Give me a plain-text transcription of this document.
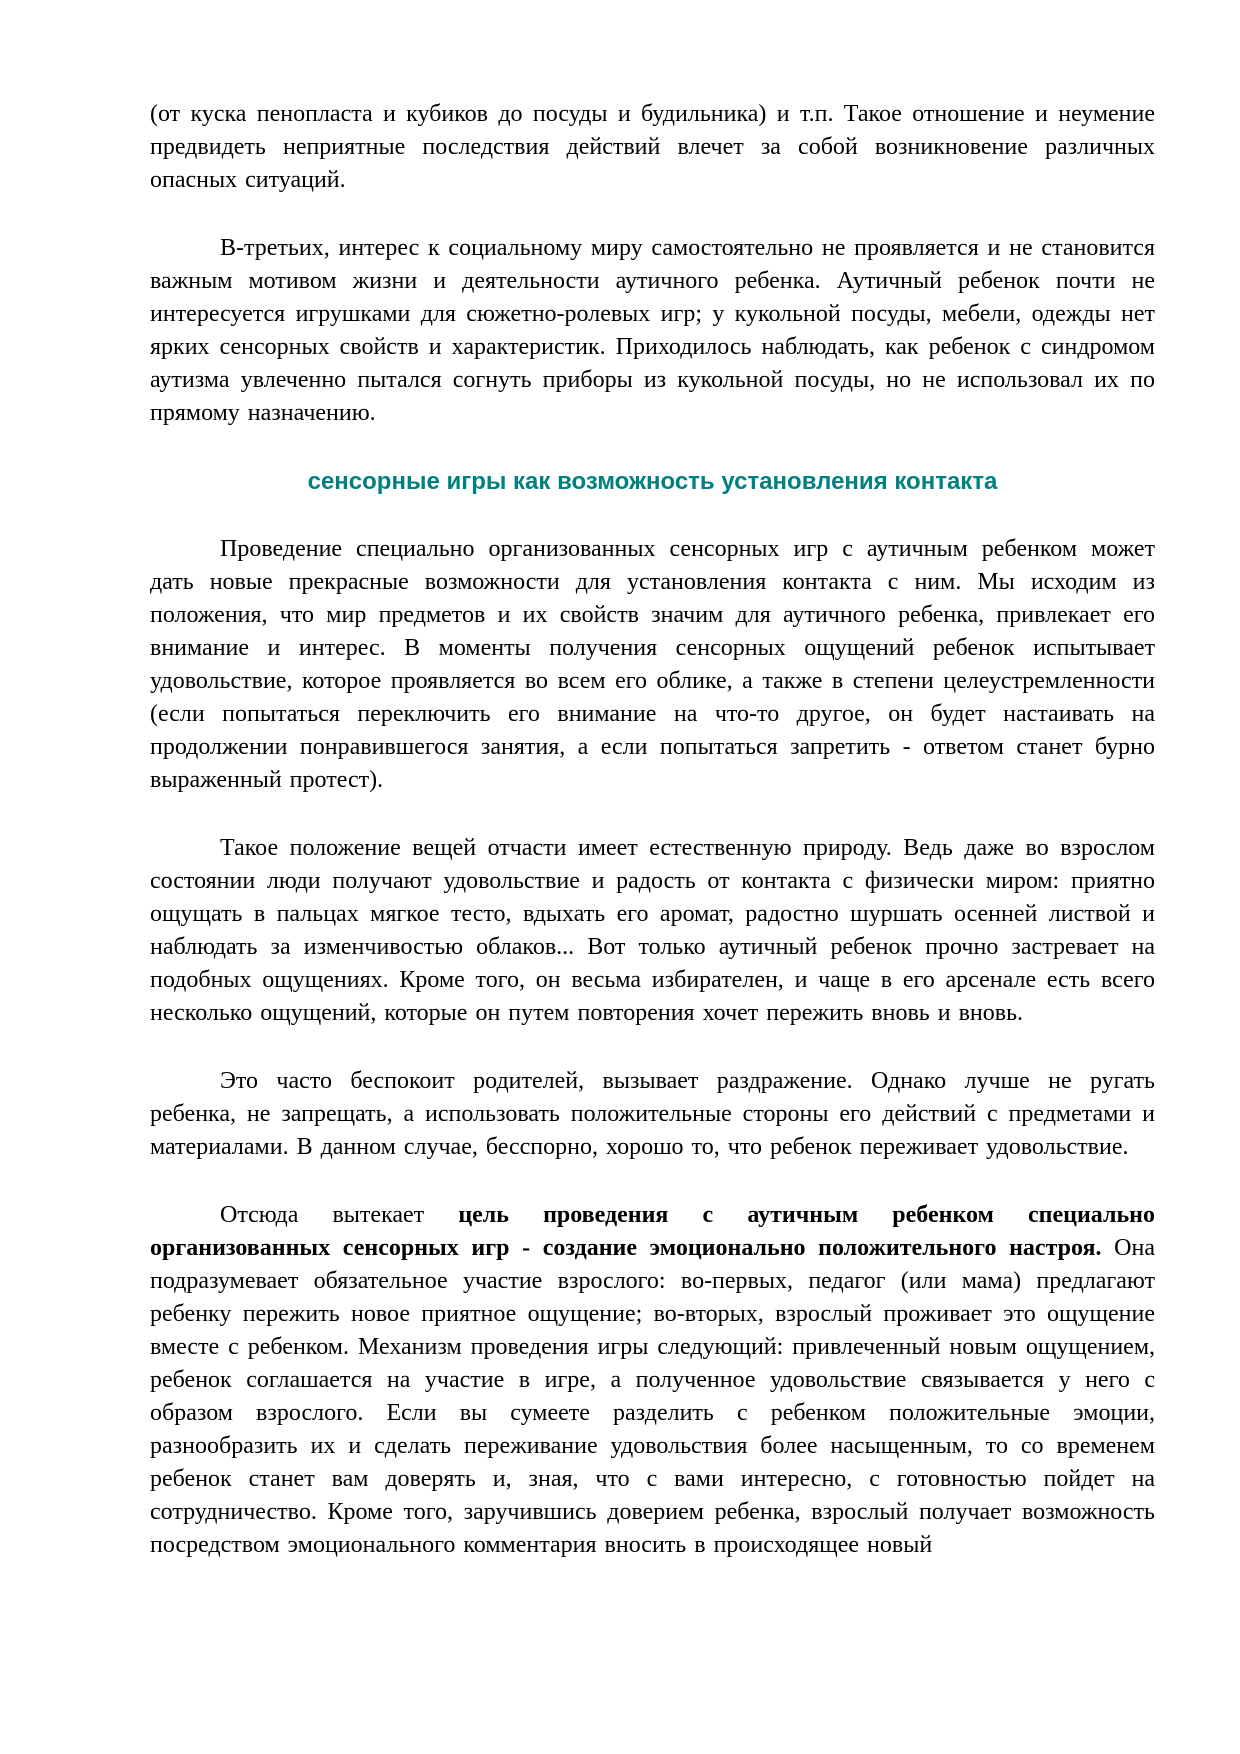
(от куска пенопласта и кубиков до посуды и будильника) и т.п. Такое отношение и неумение предвидеть неприятные последствия действий влечет за собой возникновение различных опасных ситуаций.

В-третьих, интерес к социальному миру самостоятельно не проявляется и не становится важным мотивом жизни и деятельности аутичного ребенка. Аутичный ребенок почти не интересуется игрушками для сюжетно-ролевых игр; у кукольной посуды, мебели, одежды нет ярких сенсорных свойств и характеристик. Приходилось наблюдать, как ребенок с синдромом аутизма увлеченно пытался согнуть приборы из кукольной посуды, но не использовал их по прямому назначению.

сенсорные игры как возможность установления контакта

Проведение специально организованных сенсорных игр с аутичным ребенком может дать новые прекрасные возможности для установления контакта с ним. Мы исходим из положения, что мир предметов и их свойств значим для аутичного ребенка, привлекает его внимание и интерес. В моменты получения сенсорных ощущений ребенок испытывает удовольствие, которое проявляется во всем его облике, а также в степени целеустремленности (если попытаться переключить его внимание на что-то другое, он будет настаивать на продолжении понравившегося занятия, а если попытаться запретить - ответом станет бурно выраженный протест).

Такое положение вещей отчасти имеет естественную природу. Ведь даже во взрослом состоянии люди получают удовольствие и радость от контакта с физически миром: приятно ощущать в пальцах мягкое тесто, вдыхать его аромат, радостно шуршать осенней листвой и наблюдать за изменчивостью облаков... Вот только аутичный ребенок прочно застревает на подобных ощущениях. Кроме того, он весьма избирателен, и чаще в его арсенале есть всего несколько ощущений, которые он путем повторения хочет пережить вновь и вновь.

Это часто беспокоит родителей, вызывает раздражение. Однако лучше не ругать ребенка, не запрещать, а использовать положительные стороны его действий с предметами и материалами. В данном случае, бесспорно, хорошо то, что ребенок переживает удовольствие.

Отсюда вытекает цель проведения с аутичным ребенком специально организованных сенсорных игр - создание эмоционально положительного настроя. Она подразумевает обязательное участие взрослого: во-первых, педагог (или мама) предлагают ребенку пережить новое приятное ощущение; во-вторых, взрослый проживает это ощущение вместе с ребенком. Механизм проведения игры следующий: привлеченный новым ощущением, ребенок соглашается на участие в игре, а полученное удовольствие связывается у него с образом взрослого. Если вы сумеете разделить с ребенком положительные эмоции, разнообразить их и сделать переживание удовольствия более насыщенным, то со временем ребенок станет вам доверять и, зная, что с вами интересно, с готовностью пойдет на сотрудничество. Кроме того, заручившись доверием ребенка, взрослый получает возможность посредством эмоционального комментария вносить в происходящее новый
